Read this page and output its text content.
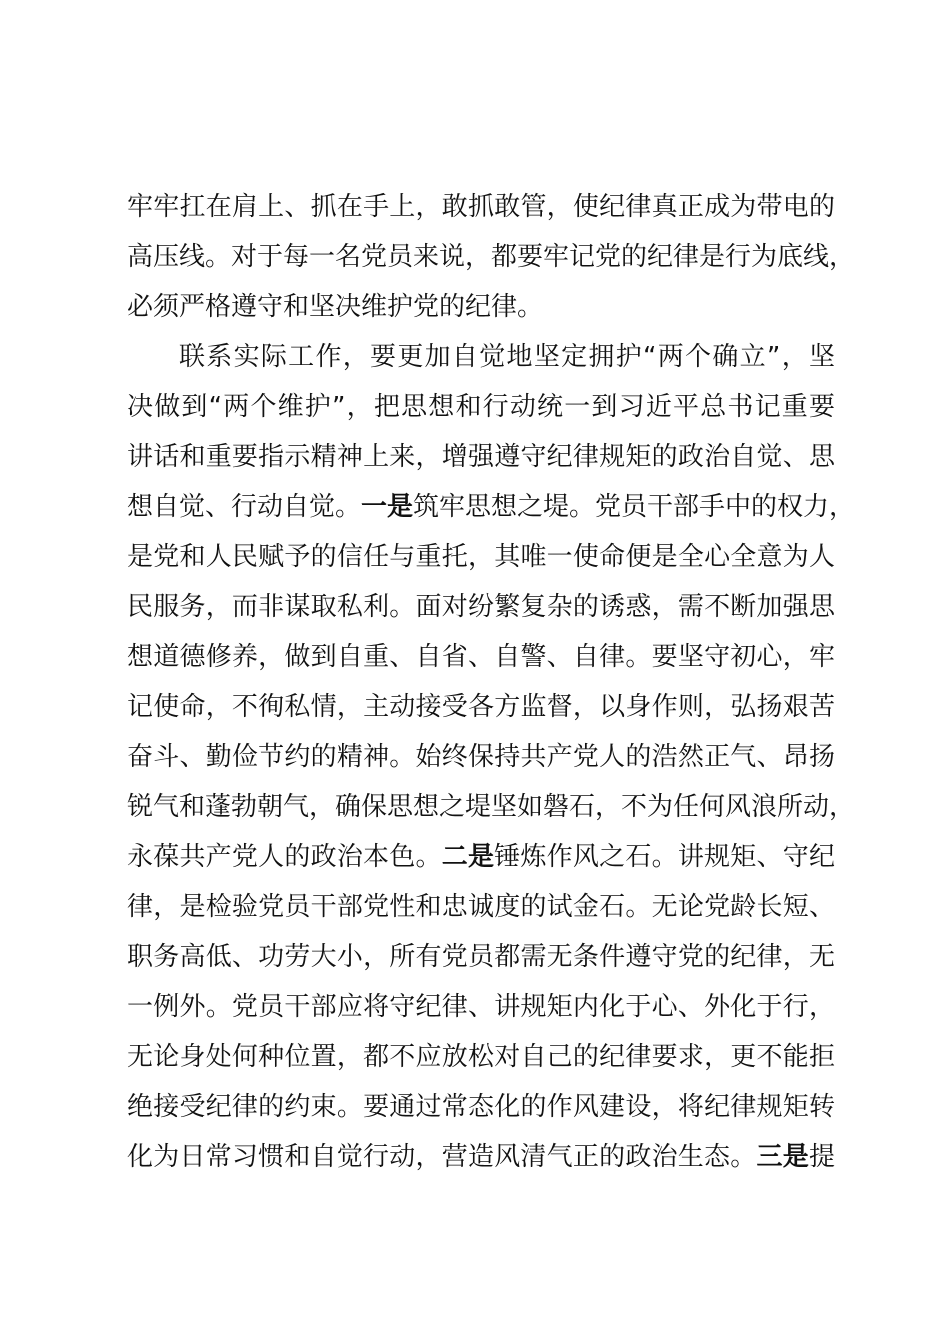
牢牢扛在肩上、抓在手上，敢抓敢管，使纪律真正成为带电的
高压线。对于每一名党员来说，都要牢记党的纪律是行为底线，
必须严格遵守和坚决维护党的纪律。
联系实际工作，要更加自觉地坚定拥护“两个确立”，坚
决做到“两个维护”，把思想和行动统一到习近平总书记重要
讲话和重要指示精神上来，增强遵守纪律规矩的政治自觉、思
想自觉、行动自觉。一是筑牢思想之堤。党员干部手中的权力，
是党和人民赋予的信任与重托，其唯一使命便是全心全意为人
民服务，而非谋取私利。面对纷繁复杂的诱惑，需不断加强思
想道德修养，做到自重、自省、自警、自律。要坚守初心，牢
记使命，不徇私情，主动接受各方监督，以身作则，弘扬艰苦
奋斗、勤俭节约的精神。始终保持共产党人的浩然正气、昂扬
锐气和蓬勃朝气，确保思想之堤坚如磐石，不为任何风浪所动，
永葆共产党人的政治本色。二是锤炼作风之石。讲规矩、守纪
律，是检验党员干部党性和忠诚度的试金石。无论党龄长短、
职务高低、功劳大小，所有党员都需无条件遵守党的纪律，无
一例外。党员干部应将守纪律、讲规矩内化于心、外化于行，
无论身处何种位置，都不应放松对自己的纪律要求，更不能拒
绝接受纪律的约束。要通过常态化的作风建设，将纪律规矩转
化为日常习惯和自觉行动，营造风清气正的政治生态。三是提
